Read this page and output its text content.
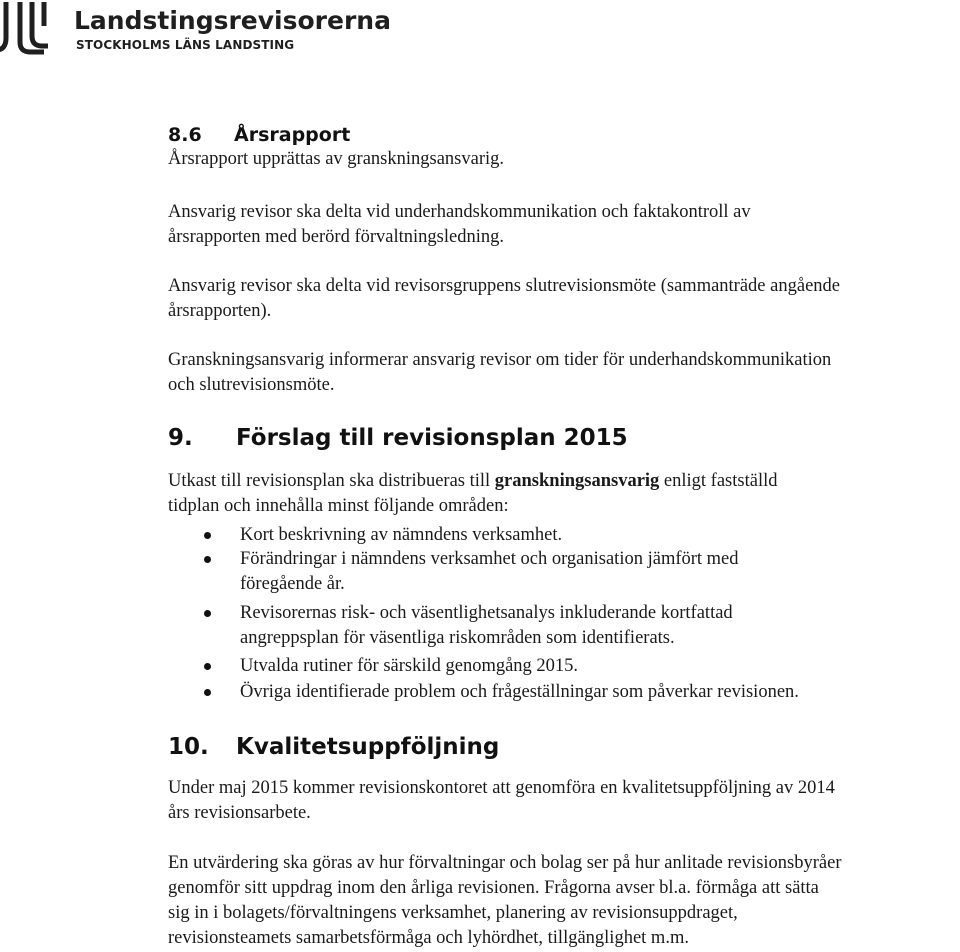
Landstingsrevisorerna
STOCKHOLMS LÄNS LANDSTING
8.6 Årsrapport
Årsrapport upprättas av granskningsansvarig.
Ansvarig revisor ska delta vid underhandskommunikation och faktakontroll av
årsrapporten med berörd förvaltningsledning.
Ansvarig revisor ska delta vid revisorsgruppens slutrevisionsmöte (sammanträde angående
årsrapporten).
Granskningsansvarig informerar ansvarig revisor om tider för underhandskommunikation
och slutrevisionsmöte.
9. Förslag till revisionsplan 2015
Utkast till revisionsplan ska distribueras till granskningsansvarig enligt fastställd
tidplan och innehålla minst följande områden:
Kort beskrivning av nämndens verksamhet.
Förändringar i nämndens verksamhet och organisation jämfört med
föregående år.
Revisorernas risk- och väsentlighetsanalys inkluderande kortfattad
angreppsplan för väsentliga riskområden som identifierats.
Utvalda rutiner för särskild genomgång 2015.
Övriga identifierade problem och frågeställningar som påverkar revisionen.
10. Kvalitetsuppföljning
Under maj 2015 kommer revisionskontoret att genomföra en kvalitetsuppföljning av 2014
års revisionsarbete.
En utvärdering ska göras av hur förvaltningar och bolag ser på hur anlitade revisionsbyråer
genomför sitt uppdrag inom den årliga revisionen. Frågorna avser bl.a. förmåga att sätta
sig in i bolagets/förvaltningens verksamhet, planering av revisionsuppdraget,
revisionsteamets samarbetsförmåga och lyhördhet, tillgänglighet m.m.
